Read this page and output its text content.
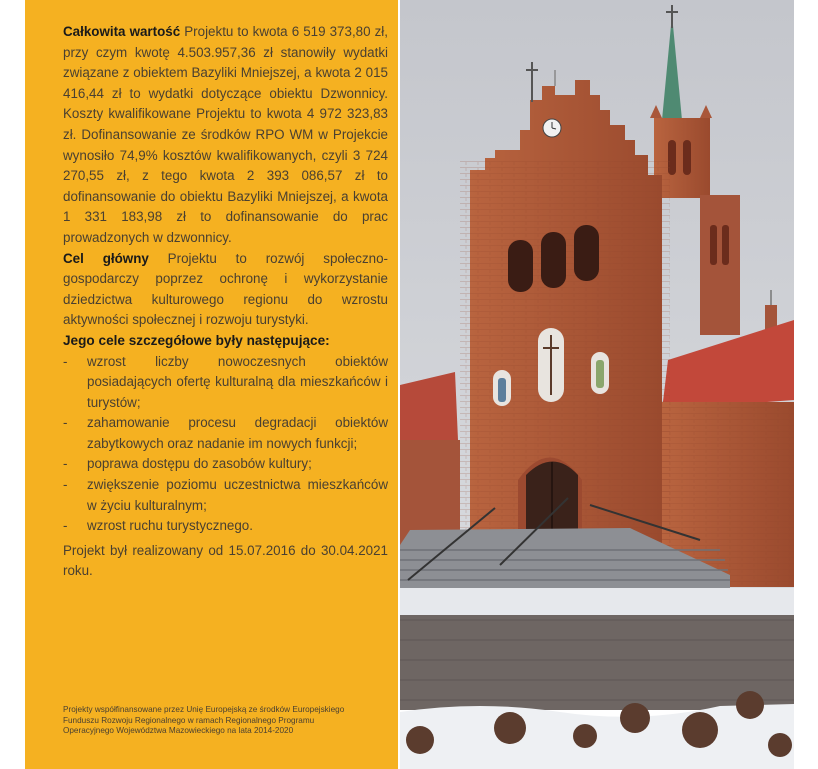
Całkowita wartość Projektu to kwota 6 519 373,80 zł, przy czym kwotę 4.503.957,36 zł stanowiły wydatki związane z obiektem Bazyliki Mniejszej, a kwota 2 015 416,44 zł to wydatki dotyczące obiektu Dzwonnicy. Koszty kwalifikowane Projektu to kwota 4 972 323,83 zł. Dofinansowanie ze środków RPO WM w Projekcie wynosiło 74,9% kosztów kwalifikowanych, czyli 3 724 270,55 zł, z tego kwota 2 393 086,57 zł to dofinansowanie do obiektu Bazyliki Mniejszej, a kwota 1 331 183,98 zł to dofinansowanie do prac prowadzonych w dzwonnicy.

Cel główny Projektu to rozwój społeczno-gospodarczy poprzez ochronę i wykorzystanie dziedzictwa kulturowego regionu do wzrostu aktywności społecznej i rozwoju turystyki.

Jego cele szczegółowe były następujące:

- wzrost liczby nowoczesnych obiektów posiadających ofertę kulturalną dla mieszkańców i turystów;
- zahamowanie procesu degradacji obiektów zabytkowych oraz nadanie im nowych funkcji;
- poprawa dostępu do zasobów kultury;
- zwiększenie poziomu uczestnictwa mieszkańców w życiu kulturalnym;
- wzrost ruchu turystycznego.

Projekt był realizowany od 15.07.2016 do 30.04.2021 roku.

Projekty współfinansowane przez Unię Europejską ze środków Europejskiego Funduszu Rozwoju Regionalnego w ramach Regionalnego Programu Operacyjnego Województwa Mazowieckiego na lata 2014-2020
